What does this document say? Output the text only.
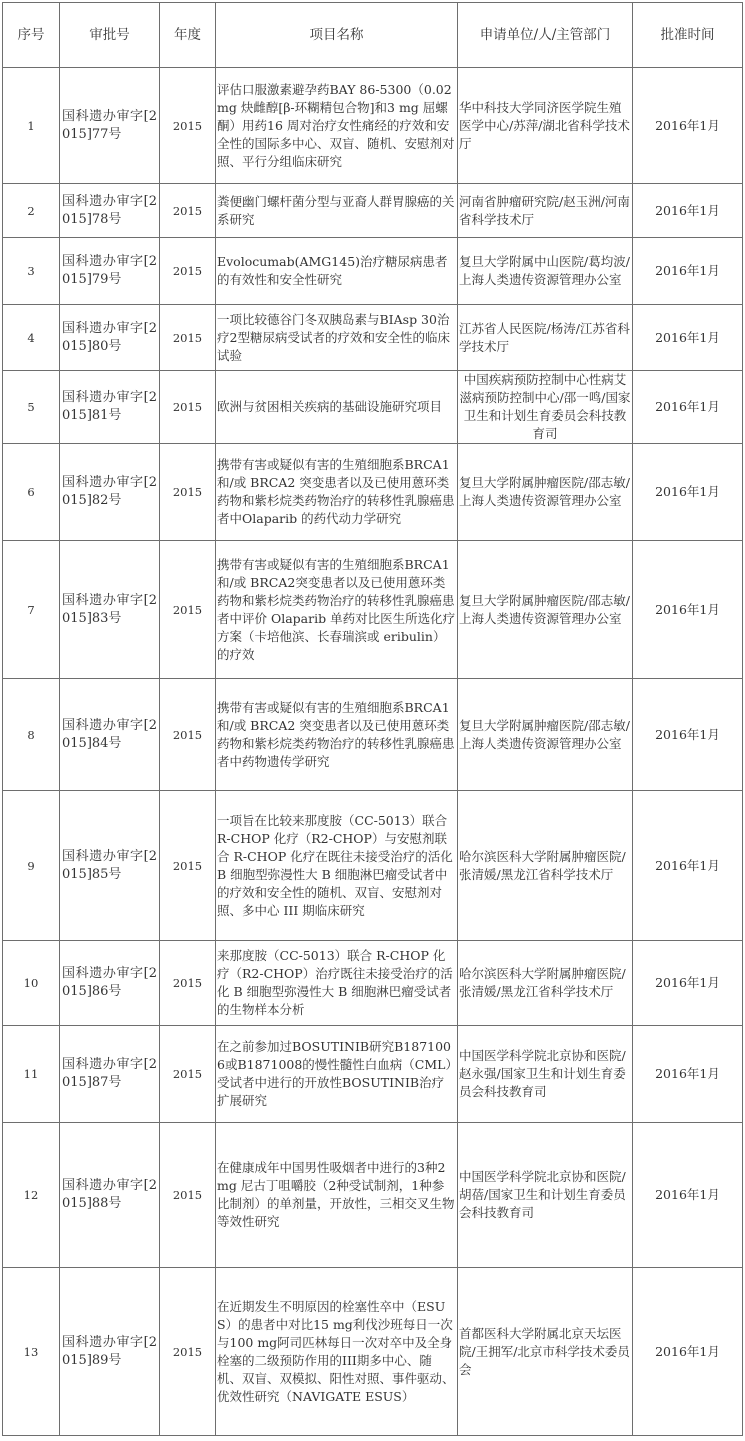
序号	审批号	年度	项目名称	申请单位/人/主管部门	批准时间
1	国科遗办审字[2015]77号	2015	评估口服激素避孕药BAY 86-5300（0.02 mg 炔雌醇[β-环糊精包合物]和3 mg 屈螺酮）用药16 周对治疗女性痛经的疗效和安全性的国际多中心、双盲、随机、安慰剂对照、平行分组临床研究	华中科技大学同济医学院生殖医学中心/苏萍/湖北省科学技术厅	2016年1月
2	国科遗办审字[2015]78号	2015	粪便幽门螺杆菌分型与亚裔人群胃腺癌的关系研究	河南省肿瘤研究院/赵玉洲/河南省科学技术厅	2016年1月
3	国科遗办审字[2015]79号	2015	Evolocumab(AMG145)治疗糖尿病患者的有效性和安全性研究	复旦大学附属中山医院/葛均波/上海人类遗传资源管理办公室	2016年1月
4	国科遗办审字[2015]80号	2015	一项比较德谷门冬双胰岛素与BIAsp 30治疗2型糖尿病受试者的疗效和安全性的临床试验	江苏省人民医院/杨涛/江苏省科学技术厅	2016年1月
5	国科遗办审字[2015]81号	2015	欧洲与贫困相关疾病的基础设施研究项目	中国疾病预防控制中心性病艾滋病预防控制中心/邵一鸣/国家卫生和计划生育委员会科技教育司	2016年1月
6	国科遗办审字[2015]82号	2015	携带有害或疑似有害的生殖细胞系BRCA1和/或 BRCA2 突变患者以及已使用蒽环类药物和紫杉烷类药物治疗的转移性乳腺癌患者中Olaparib 的药代动力学研究	复旦大学附属肿瘤医院/邵志敏/上海人类遗传资源管理办公室	2016年1月
7	国科遗办审字[2015]83号	2015	携带有害或疑似有害的生殖细胞系BRCA1和/或 BRCA2突变患者以及已使用蒽环类药物和紫杉烷类药物治疗的转移性乳腺癌患者中评价 Olaparib 单药对比医生所选化疗方案（卡培他滨、长春瑞滨或 eribulin）的疗效	复旦大学附属肿瘤医院/邵志敏/上海人类遗传资源管理办公室	2016年1月
8	国科遗办审字[2015]84号	2015	携带有害或疑似有害的生殖细胞系BRCA1 和/或 BRCA2 突变患者以及已使用蒽环类药物和紫杉烷类药物治疗的转移性乳腺癌患者中药物遗传学研究	复旦大学附属肿瘤医院/邵志敏/上海人类遗传资源管理办公室	2016年1月
9	国科遗办审字[2015]85号	2015	一项旨在比较来那度胺（CC-5013）联合 R-CHOP 化疗（R2-CHOP）与安慰剂联合 R-CHOP 化疗在既往未接受治疗的活化 B 细胞型弥漫性大 B 细胞淋巴瘤受试者中的疗效和安全性的随机、双盲、安慰剂对照、多中心 III 期临床研究	哈尔滨医科大学附属肿瘤医院/张清媛/黑龙江省科学技术厅	2016年1月
10	国科遗办审字[2015]86号	2015	来那度胺（CC-5013）联合 R-CHOP 化疗（R2-CHOP）治疗既往未接受治疗的活化 B 细胞型弥漫性大 B 细胞淋巴瘤受试者的生物样本分析	哈尔滨医科大学附属肿瘤医院/张清媛/黑龙江省科学技术厅	2016年1月
11	国科遗办审字[2015]87号	2015	在之前参加过BOSUTINIB研究B1871006或B1871008的慢性髓性白血病（CML）受试者中进行的开放性BOSUTINIB治疗扩展研究	中国医学科学院北京协和医院/赵永强/国家卫生和计划生育委员会科技教育司	2016年1月
12	国科遗办审字[2015]88号	2015	在健康成年中国男性吸烟者中进行的3种2mg 尼古丁咀嚼胶（2种受试制剂，1种参比制剂）的单剂量，开放性，三相交叉生物等效性研究	中国医学科学院北京协和医院/胡蓓/国家卫生和计划生育委员会科技教育司	2016年1月
13	国科遗办审字[2015]89号	2015	在近期发生不明原因的栓塞性卒中（ESUS）的患者中对比15 mg利伐沙班每日一次与100 mg阿司匹林每日一次对卒中及全身栓塞的二级预防作用的III期多中心、随机、双盲、双模拟、阳性对照、事件驱动、优效性研究（NAVIGATE ESUS）	首都医科大学附属北京天坛医院/王拥军/北京市科学技术委员会	2016年1月
